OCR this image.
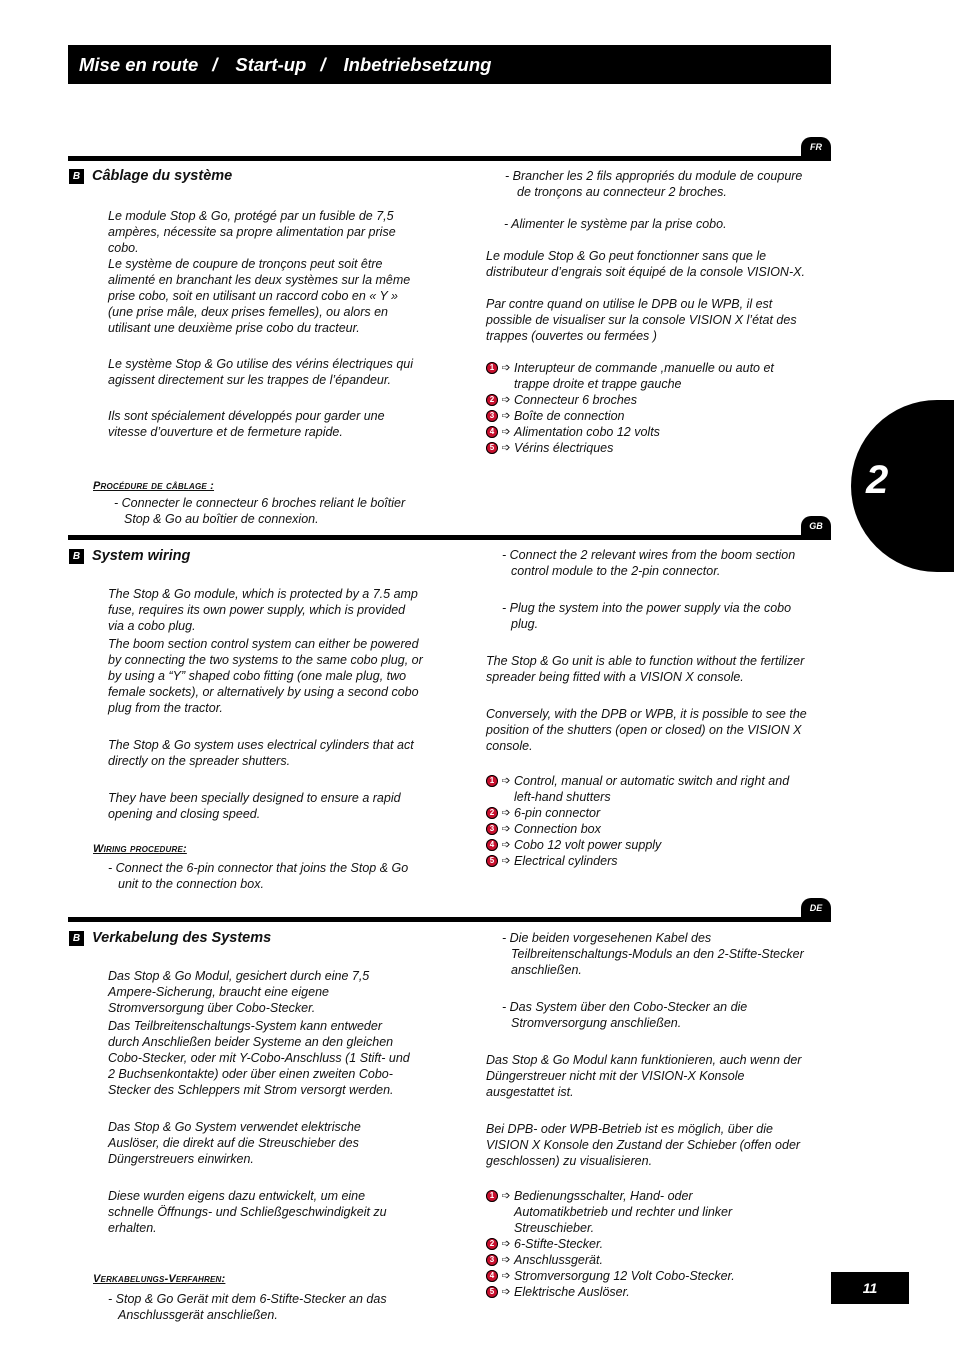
Mise en route / Start-up / Inbetriebsetzung
2
FR
B Câblage du système

Le module Stop & Go, protégé par un fusible de 7,5 ampères, nécessite sa propre alimentation par prise cobo.

Le système de coupure de tronçons peut soit être alimenté en branchant les deux systèmes sur la même prise cobo, soit en utilisant un raccord cobo en « Y » (une prise mâle, deux prises femelles), ou alors en utilisant une deuxième prise cobo du tracteur.

Le système Stop & Go utilise des vérins électriques qui agissent directement sur les trappes de l’épandeur.

Ils sont spécialement développés pour garder une vitesse d’ouverture et de fermeture rapide.

Procédure de câblage :
- Connecter le connecteur 6 broches reliant le boîtier Stop & Go au boîtier de connexion.

- Brancher les 2 fils appropriés du module de coupure de tronçons au connecteur 2 broches.

- Alimenter le système par la prise cobo.

Le module Stop & Go peut fonctionner sans que le distributeur d’engrais soit équipé de la console VISION-X.

Par contre quand on utilise le DPB ou le WPB, il est possible de visualiser sur la console VISION X l’état des trappes (ouvertes ou fermées )

1 ➩ Interupteur de commande ,manuelle ou auto et trappe droite et trappe gauche
2 ➩ Connecteur 6 broches
3 ➩ Boîte de connection
4 ➩ Alimentation cobo 12 volts
5 ➩ Vérins électriques
GB
B System wiring

The Stop & Go module, which is protected by a 7.5 amp fuse, requires its own power supply, which is provided via a cobo plug.

The boom section control system can either be powered by connecting the two systems to the same cobo plug, or by using a “Y” shaped cobo fitting (one male plug, two female sockets), or alternatively by using a second cobo plug from the tractor.

The Stop & Go system uses electrical cylinders that act directly on the spreader shutters.

They have been specially designed to ensure a rapid opening and closing speed.

Wiring procedure:
- Connect the 6-pin connector that joins the Stop & Go unit to the connection box.

- Connect the 2 relevant wires from the boom section control module to the 2-pin connector.

- Plug the system into the power supply via the cobo plug.

The Stop & Go unit is able to function without the fertilizer spreader being fitted with a VISION X console.

Conversely, with the DPB or WPB, it is possible to see the position of the shutters (open or closed) on the VISION X console.

1 ➩ Control, manual or automatic switch and right and left-hand shutters
2 ➩ 6-pin connector
3 ➩ Connection box
4 ➩ Cobo 12 volt power supply
5 ➩ Electrical cylinders
DE
B Verkabelung des Systems

Das Stop & Go Modul, gesichert durch eine 7,5 Ampere-Sicherung, braucht eine eigene Stromversorgung über Cobo-Stecker.

Das Teilbreitenschaltungs-System kann entweder durch Anschließen beider Systeme an den gleichen Cobo-Stecker, oder mit Y-Cobo-Anschluss (1 Stift- und 2 Buchsenkontakte) oder über einen zweiten Cobo-Stecker des Schleppers mit Strom versorgt werden.

Das Stop & Go System verwendet elektrische Auslöser, die direkt auf die Streuschieber des Düngerstreuers einwirken.

Diese wurden eigens dazu entwickelt, um eine schnelle Öffnungs- und Schließgeschwindigkeit zu erhalten.

Verkabelungs-Verfahren:
- Stop & Go Gerät mit dem 6-Stifte-Stecker an das Anschlussgerät anschließen.

- Die beiden vorgesehenen Kabel des Teilbreitenschaltungs-Moduls an den 2-Stifte-Stecker anschließen.

- Das System über den Cobo-Stecker an die Stromversorgung anschließen.

Das Stop & Go Modul kann funktionieren, auch wenn der Düngerstreuer nicht mit der VISION-X Konsole ausgestattet ist.

Bei DPB- oder WPB-Betrieb ist es möglich, über die VISION X Konsole den Zustand der Schieber (offen oder geschlossen) zu visualisieren.

1 ➩ Bedienungsschalter, Hand- oder Automatikbetrieb und rechter und linker Streuschieber.
2 ➩ 6-Stifte-Stecker.
3 ➩ Anschlussgerät.
4 ➩ Stromversorgung 12 Volt Cobo-Stecker.
5 ➩ Elektrische Auslöser.	11
